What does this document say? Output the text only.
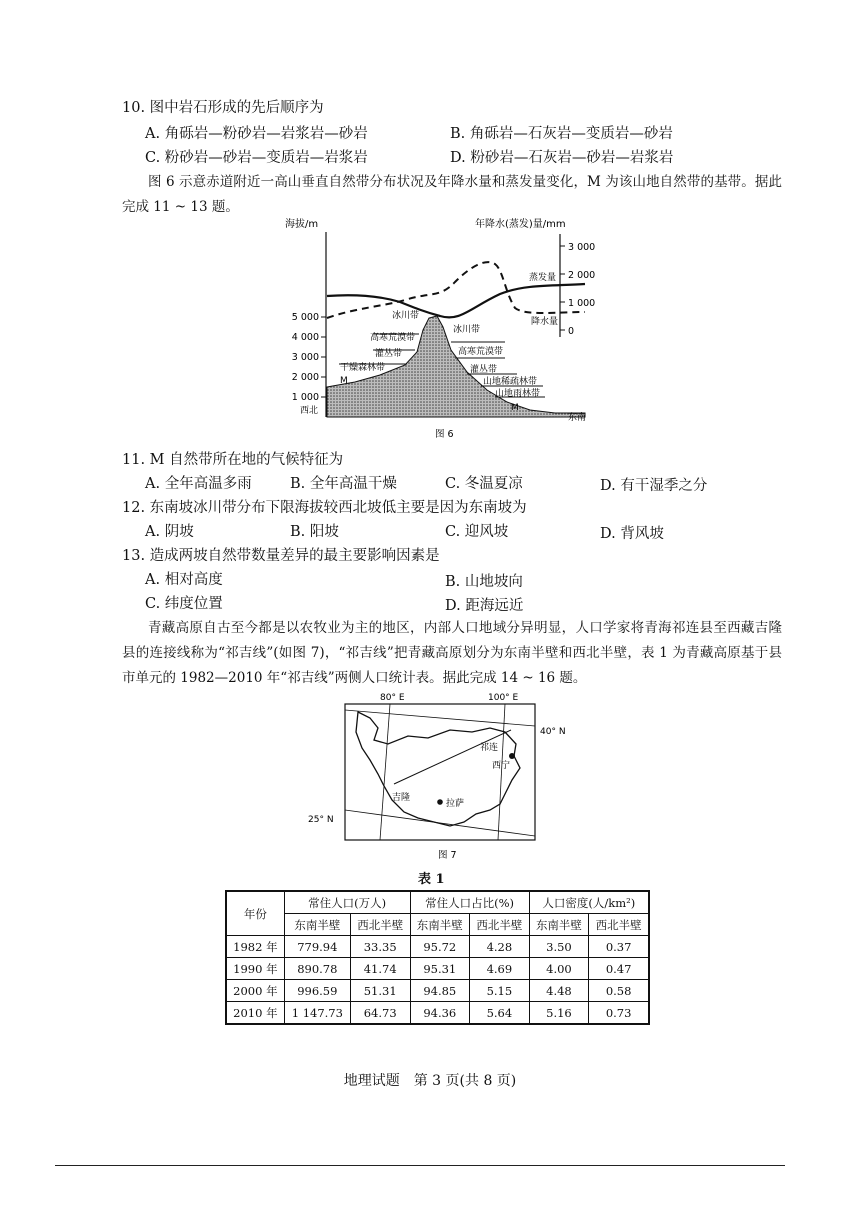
10. 图中岩石形成的先后顺序为
A. 角砾岩—粉砂岩—岩浆岩—砂岩	B. 角砾岩—石灰岩—变质岩—砂岩
C. 粉砂岩—砂岩—变质岩—岩浆岩	D. 粉砂岩—石灰岩—砂岩—岩浆岩
图 6 示意赤道附近一高山垂直自然带分布状况及年降水量和蒸发量变化，M 为该山地自然带的基带。据此完成 11 ~ 13 题。
海拔/m	年降水(蒸发)量/mm
5 000
4 000
3 000
2 000
1 000
3 000
2 000
1 000
0
蒸发量
降水量
冰川带
冰川带
高寒荒漠带
灌丛带
干燥森林带
M
高寒荒漠带
灌丛带
山地稀疏林带
山地雨林带
M
西北
东南
图 6
11. M 自然带所在地的气候特征为
A. 全年高温多雨	B. 全年高温干燥	C. 冬温夏凉	D. 有干湿季之分
12. 东南坡冰川带分布下限海拔较西北坡低主要是因为东南坡为
A. 阴坡	B. 阳坡	C. 迎风坡	D. 背风坡
13. 造成两坡自然带数量差异的最主要影响因素是
A. 相对高度	B. 山地坡向
C. 纬度位置	D. 距海远近
青藏高原自古至今都是以农牧业为主的地区，内部人口地域分异明显，人口学家将青海祁连县至西藏吉隆县的连接线称为“祁吉线”(如图 7)，“祁吉线”把青藏高原划分为东南半壁和西北半壁，表 1 为青藏高原基于县市单元的 1982—2010 年“祁吉线”两侧人口统计表。据此完成 14 ~ 16 题。
80° E	100° E
40° N
25° N
祁连
西宁
吉隆
拉萨
图 7
表 1
年份	常住人口(万人)		常住人口占比(%)		人口密度(人/km²)	
	东南半壁	西北半壁	东南半壁	西北半壁	东南半壁	西北半壁
1982 年	779.94	33.35	95.72	4.28	3.50	0.37
1990 年	890.78	41.74	95.31	4.69	4.00	0.47
2000 年	996.59	51.31	94.85	5.15	4.48	0.58
2010 年	1 147.73	64.73	94.36	5.64	5.16	0.73
地理试题　第 3 页(共 8 页)
